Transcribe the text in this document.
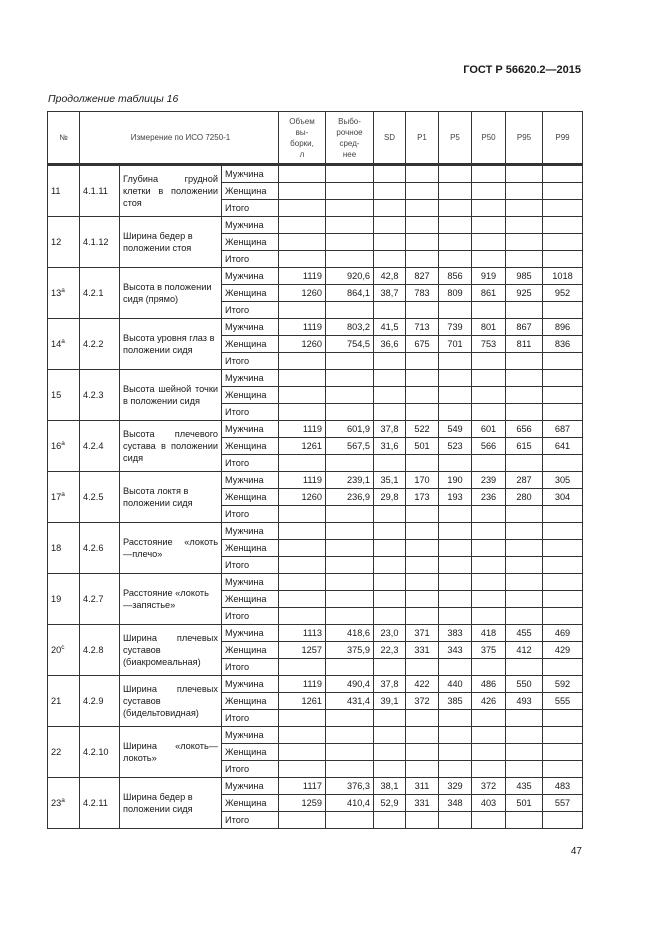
ГОСТ Р 56620.2—2015
Продолжение таблицы 16
№	Измерение по ИСО 7250-1			Объем
вы-
борки,
л	Выбо-
рочное
сред-
нее	SD	P1	P5	P50	P95	P99

11	4.1.11	Глубина грудной клетки в положении стоя	Мужчина								
			Женщина								
			Итого								
12	4.1.12	Ширина бедер в положении стоя	Мужчина								
			Женщина								
			Итого								
$13^а$	4.2.1	Высота в положении сидя (прямо)	Мужчина	1119	920,6	42,8	827	856	919	985	1018
			Женщина	1260	864,1	38,7	783	809	861	925	952
			Итого								
$14^а$	4.2.2	Высота уровня глаз в положении сидя	Мужчина	1119	803,2	41,5	713	739	801	867	896
			Женщина	1260	754,5	36,6	675	701	753	811	836
			Итого								
15	4.2.3	Высота шейной точки в положении сидя	Мужчина								
			Женщина								
			Итого								
$16^а$	4.2.4	Высота плечевого сустава в положении сидя	Мужчина	1119	601,9	37,8	522	549	601	656	687
			Женщина	1261	567,5	31,6	501	523	566	615	641
			Итого								
$17^а$	4.2.5	Высота локтя в положении сидя	Мужчина	1119	239,1	35,1	170	190	239	287	305
			Женщина	1260	236,9	29,8	173	193	236	280	304
			Итого								
18	4.2.6	Расстояние «локоть—плечо»	Мужчина								
			Женщина								
			Итого								
19	4.2.7	Расстояние «локоть—запястье»	Мужчина								
			Женщина								
			Итого								
$20^с$	4.2.8	Ширина плечевых суставов (биакромеальная)	Мужчина	1113	418,6	23,0	371	383	418	455	469
			Женщина	1257	375,9	22,3	331	343	375	412	429
			Итого								
21	4.2.9	Ширина плечевых суставов (бидельтовидная)	Мужчина	1119	490,4	37,8	422	440	486	550	592
			Женщина	1261	431,4	39,1	372	385	426	493	555
			Итого								
22	4.2.10	Ширина «локоть—локоть»	Мужчина								
			Женщина								
			Итого								
$23^а$	4.2.11	Ширина бедер в положении сидя	Мужчина	1117	376,3	38,1	311	329	372	435	483
			Женщина	1259	410,4	52,9	331	348	403	501	557
			Итого								
47
